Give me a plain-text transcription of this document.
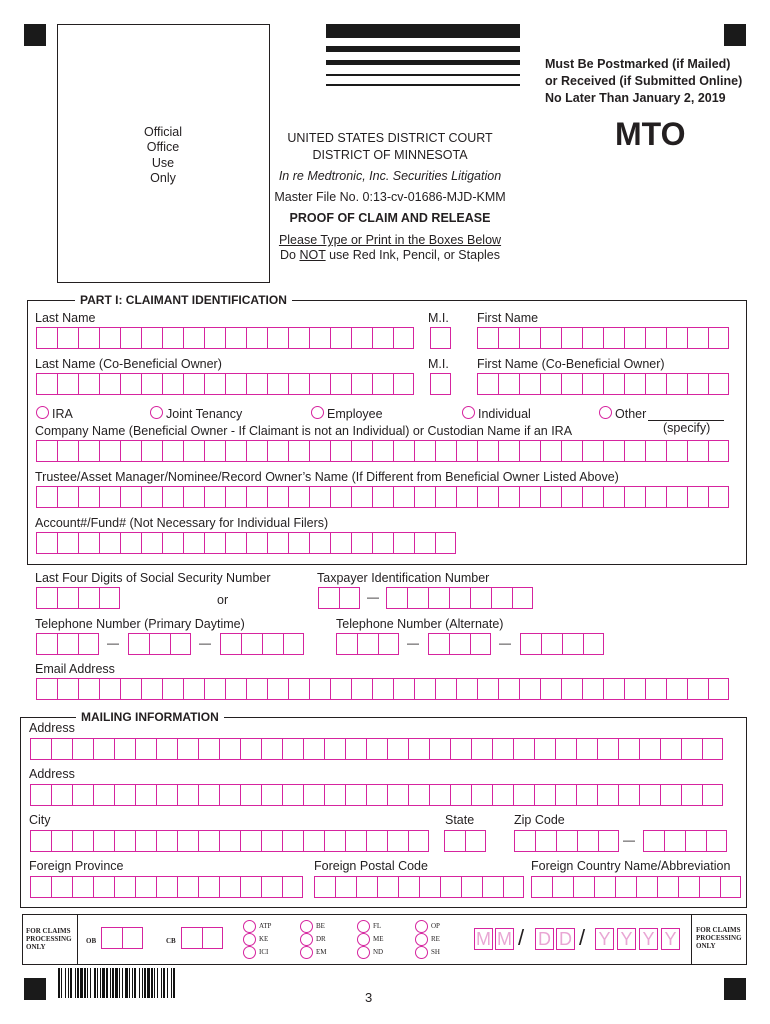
Official
Office
Use
Only
Must Be Postmarked (if Mailed)
or Received (if Submitted Online)
No Later Than January 2, 2019
MTO
UNITED STATES DISTRICT COURT
DISTRICT OF MINNESOTA
In re Medtronic, Inc. Securities Litigation
Master File No. 0:13-cv-01686-MJD-KMM
PROOF OF CLAIM AND RELEASE
Please Type or Print in the Boxes Below
Do NOT use Red Ink, Pencil, or Staples
PART I: CLAIMANT IDENTIFICATION
Last Name	M.I. First Name
Last Name (Co-Beneficial Owner)	M.I. First Name (Co-Beneficial Owner)
IRA	Joint Tenancy	Employee	Individual	Other
(specify)
Company Name (Beneficial Owner - If Claimant is not an Individual) or Custodian Name if an IRA
Trustee/Asset Manager/Nominee/Record Owner’s Name (If Different from Beneficial Owner Listed Above)
Account#/Fund# (Not Necessary for Individual Filers)
Last Four Digits of Social Security Number	Taxpayer Identification Number
or	—
Telephone Number (Primary Daytime)	Telephone Number (Alternate)
—	—	—	—
Email Address
MAILING INFORMATION
Address
Address
City	State	Zip Code
—
Foreign Province	Foreign Postal Code	Foreign Country Name/Abbreviation
FOR CLAIMS
PROCESSING
ONLY
OB	CB
ATP
KE
ICI
BE
DR
EM
FL
ME
ND
OP
RE
SH
M M / D D / Y Y Y Y	FOR CLAIMS
PROCESSING
ONLY
3
